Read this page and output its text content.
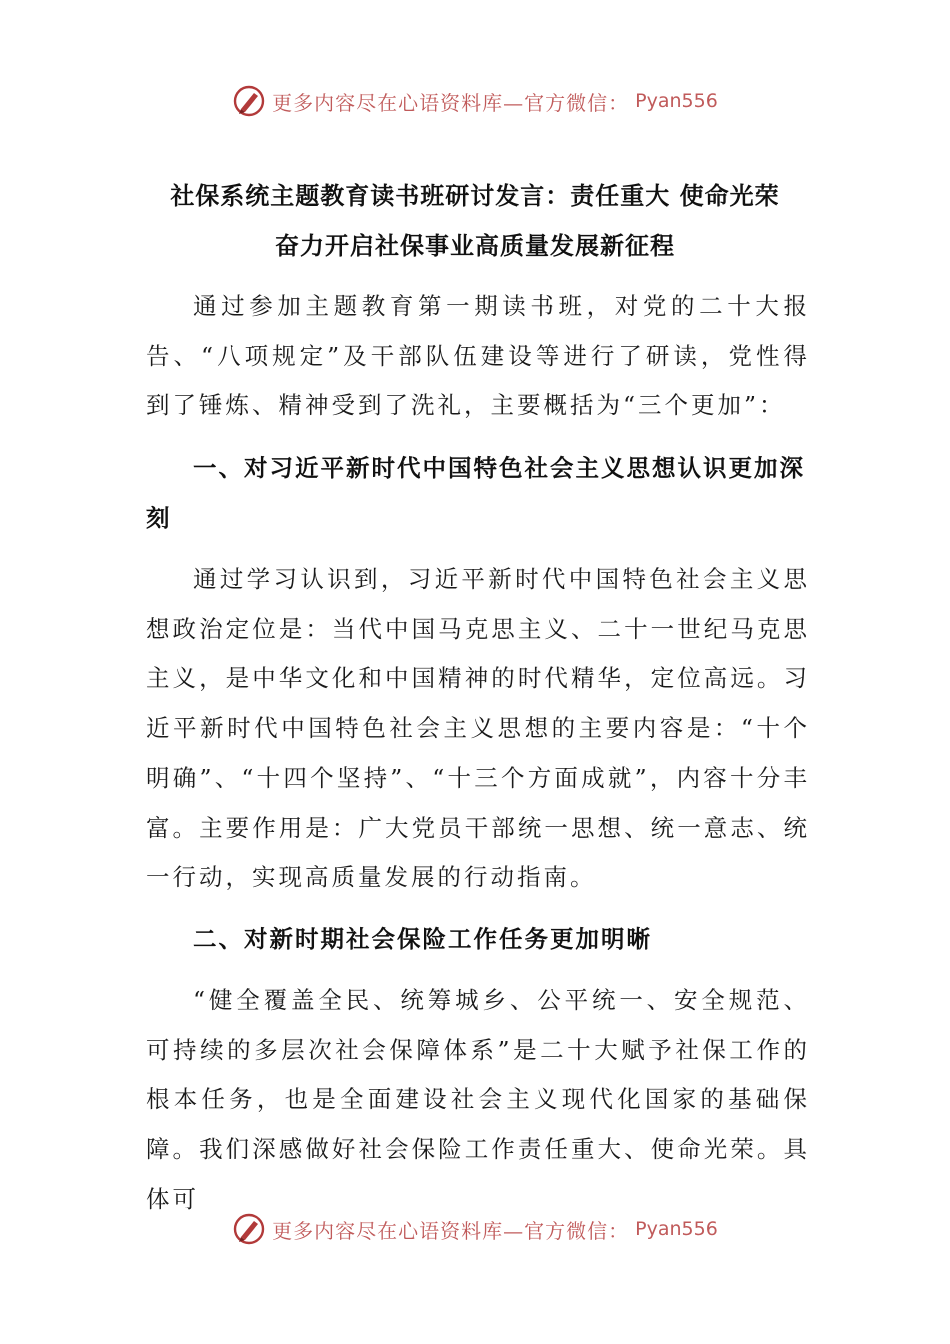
更多内容尽在心语资料库—官方微信： Pyan556
社保系统主题教育读书班研讨发言：责任重大 使命光荣
奋力开启社保事业高质量发展新征程

通过参加主题教育第一期读书班，对党的二十大报告、“八项规定”及干部队伍建设等进行了研读，党性得到了锤炼、精神受到了洗礼，主要概括为“三个更加”：

一、对习近平新时代中国特色社会主义思想认识更加深刻

通过学习认识到，习近平新时代中国特色社会主义思想政治定位是：当代中国马克思主义、二十一世纪马克思主义，是中华文化和中国精神的时代精华，定位高远。习近平新时代中国特色社会主义思想的主要内容是：“十个明确”、“十四个坚持”、“十三个方面成就”，内容十分丰富。主要作用是：广大党员干部统一思想、统一意志、统一行动，实现高质量发展的行动指南。

二、对新时期社会保险工作任务更加明晰

“健全覆盖全民、统筹城乡、公平统一、安全规范、可持续的多层次社会保障体系”是二十大赋予社保工作的根本任务，也是全面建设社会主义现代化国家的基础保障。我们深感做好社会保险工作责任重大、使命光荣。具体可

更多内容尽在心语资料库—官方微信： Pyan556
